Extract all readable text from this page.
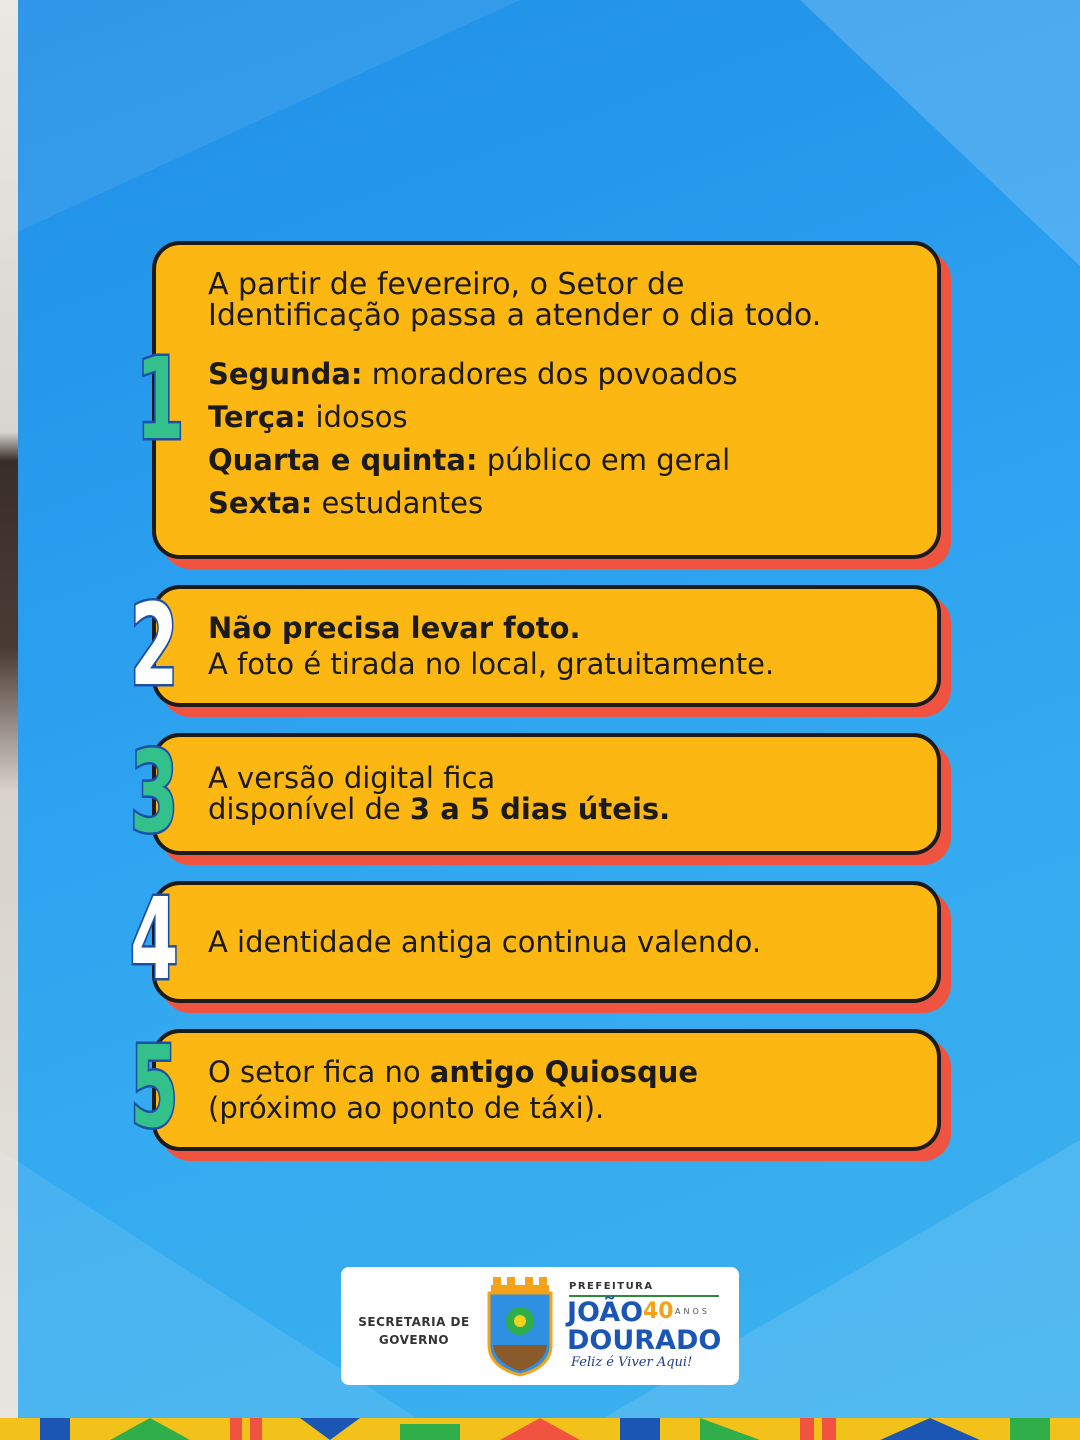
A partir de fevereiro, o Setor de
Identificação passa a atender o dia todo.
Segunda: moradores dos povoados
Terça: idosos
Quarta e quinta: público em geral
Sexta: estudantes
1
Não precisa levar foto.
A foto é tirada no local, gratuitamente.
2
A versão digital fica
disponível de 3 a 5 dias úteis.
3
A identidade antiga continua valendo.
4
O setor fica no antigo Quiosque
(próximo ao ponto de táxi).
5
SECRETARIA DE GOVERNO
PREFEITURA
JOÃO 40 ANOS
DOURADO
Feliz é Viver Aqui!
